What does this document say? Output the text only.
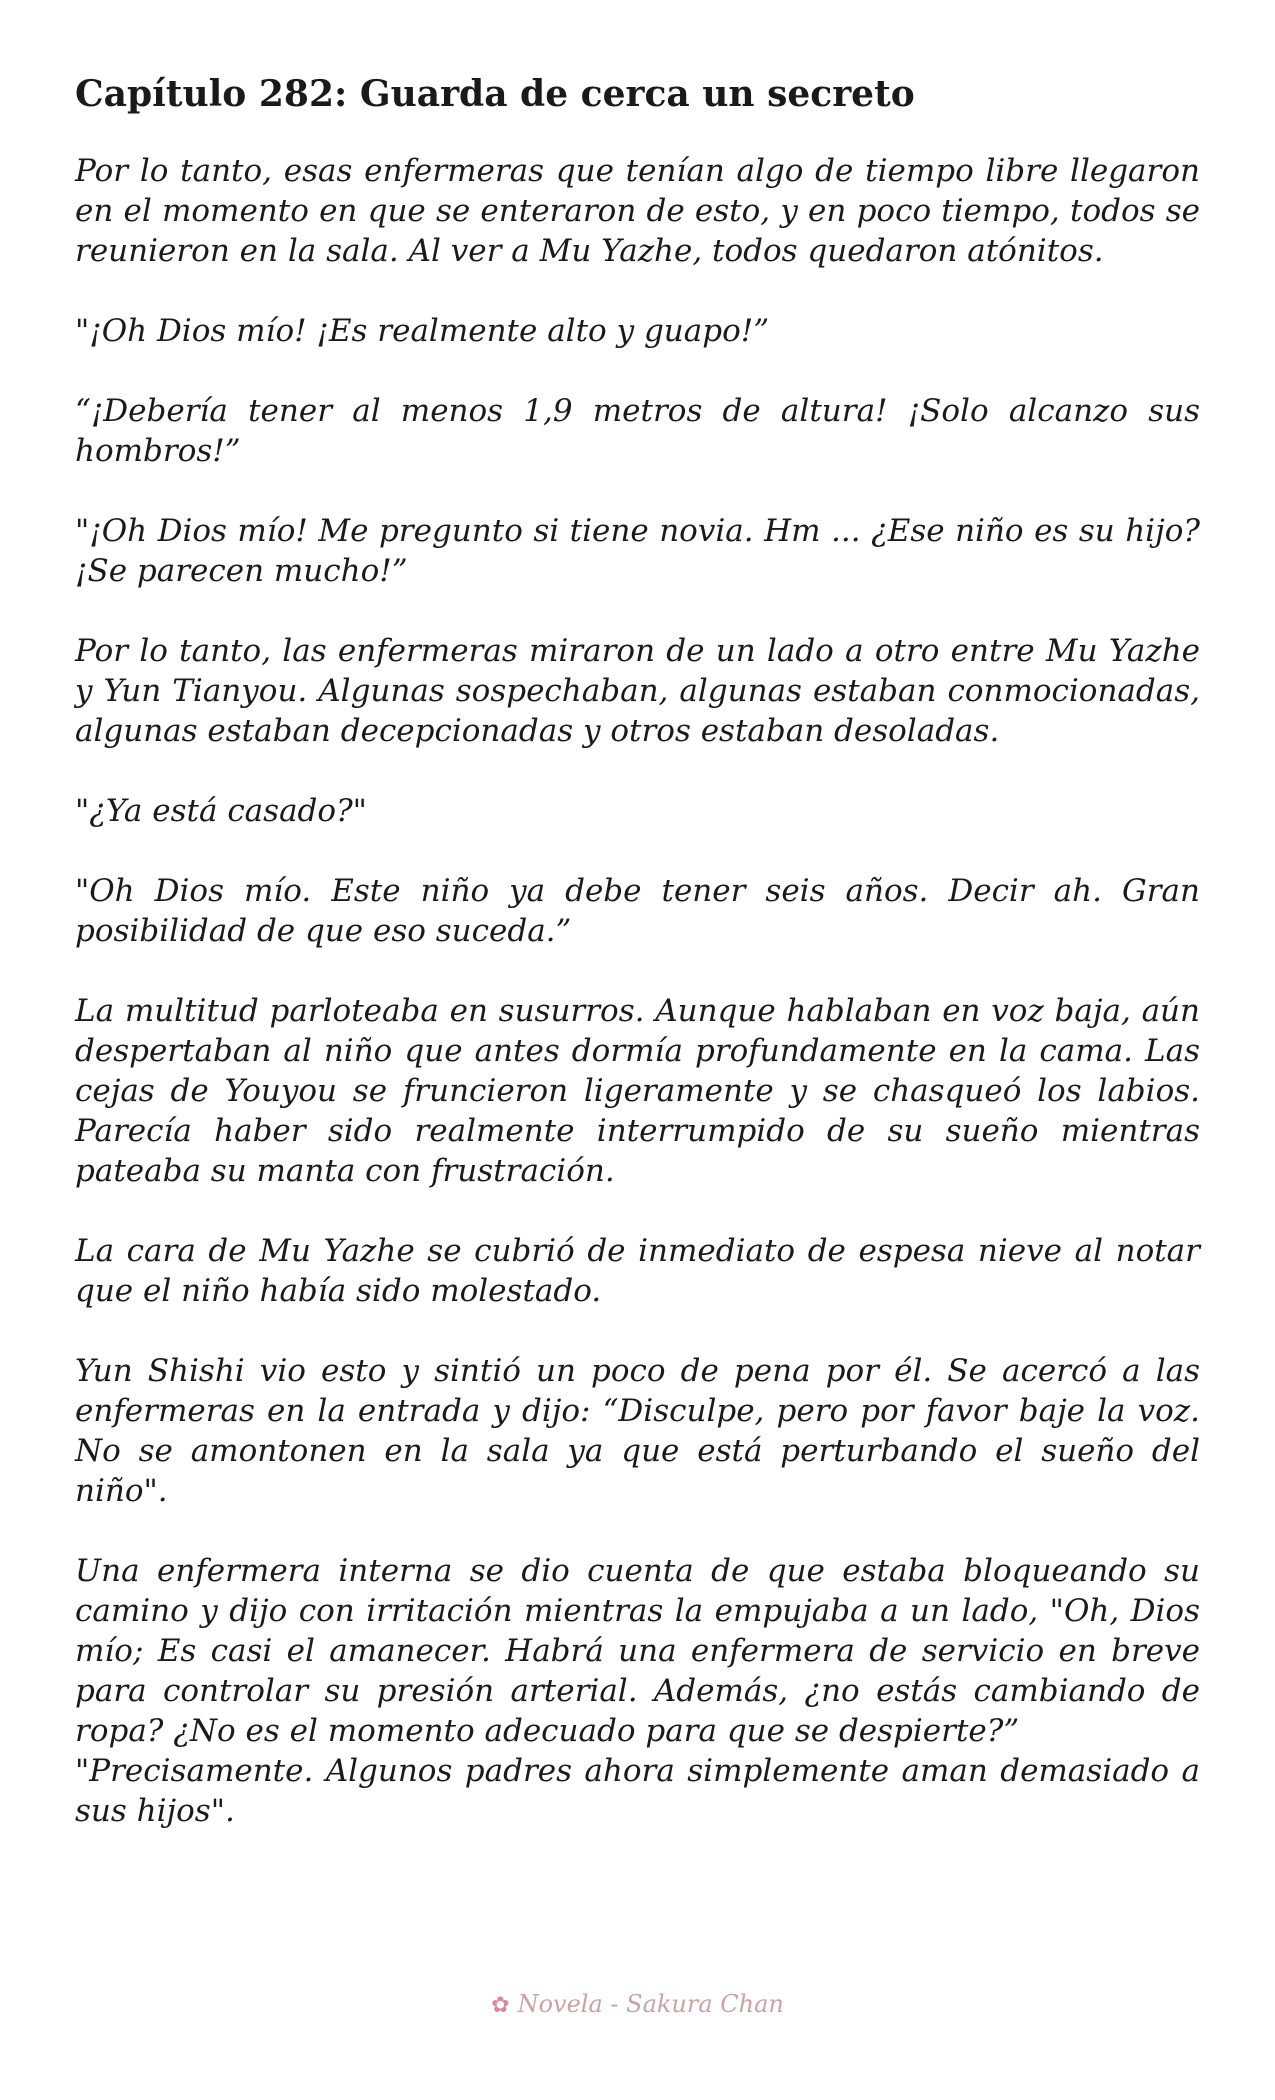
Capítulo 282: Guarda de cerca un secreto

Por lo tanto, esas enfermeras que tenían algo de tiempo libre llegaron en el momento en que se enteraron de esto, y en poco tiempo, todos se reunieron en la sala. Al ver a Mu Yazhe, todos quedaron atónitos.

"¡Oh Dios mío! ¡Es realmente alto y guapo!”

“¡Debería tener al menos 1,9 metros de altura! ¡Solo alcanzo sus hombros!”

"¡Oh Dios mío! Me pregunto si tiene novia. Hm ... ¿Ese niño es su hijo? ¡Se parecen mucho!”

Por lo tanto, las enfermeras miraron de un lado a otro entre Mu Yazhe y Yun Tianyou. Algunas sospechaban, algunas estaban conmocionadas, algunas estaban decepcionadas y otros estaban desoladas.

"¿Ya está casado?"

"Oh Dios mío. Este niño ya debe tener seis años. Decir ah. Gran posibilidad de que eso suceda.”

La multitud parloteaba en susurros. Aunque hablaban en voz baja, aún despertaban al niño que antes dormía profundamente en la cama. Las cejas de Youyou se fruncieron ligeramente y se chasqueó los labios. Parecía haber sido realmente interrumpido de su sueño mientras pateaba su manta con frustración.

La cara de Mu Yazhe se cubrió de inmediato de espesa nieve al notar que el niño había sido molestado.

Yun Shishi vio esto y sintió un poco de pena por él. Se acercó a las enfermeras en la entrada y dijo: “Disculpe, pero por favor baje la voz. No se amontonen en la sala ya que está perturbando el sueño del niño".

Una enfermera interna se dio cuenta de que estaba bloqueando su camino y dijo con irritación mientras la empujaba a un lado, "Oh, Dios mío; Es casi el amanecer. Habrá una enfermera de servicio en breve para controlar su presión arterial. Además, ¿no estás cambiando de ropa? ¿No es el momento adecuado para que se despierte?”

"Precisamente. Algunos padres ahora simplemente aman demasiado a sus hijos".

✿ Novela - Sakura Chan
